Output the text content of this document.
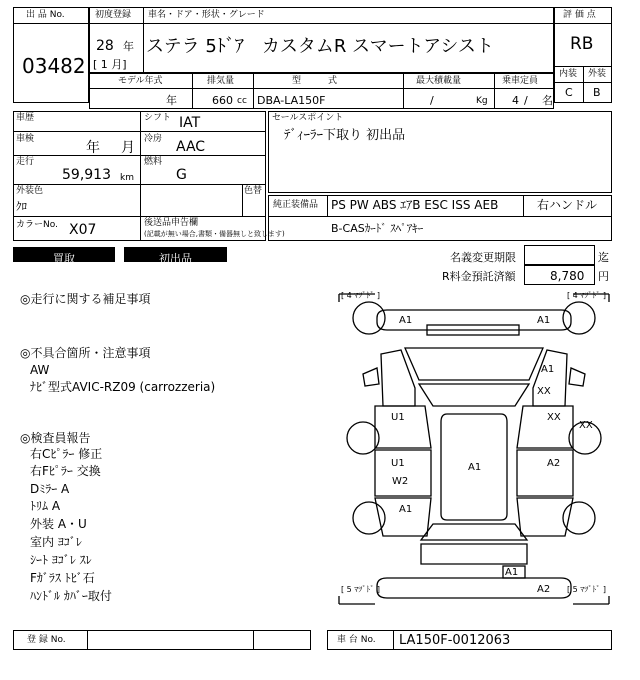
出 品 No.
03482
初度登録 車名・ドア・形状・グレード
28 年
[ 1 月]
ステラ 5ﾄﾞｱ　カスタムR スマートアシスト
評 価 点
RB
内装 外装
C B
モデル年式	排気量	型　　　式	最大積載量	乗車定員
年	660 cc DBA-LA150F	/	Kg 4 / 名
車歴	シフト IAT
車検
年 月
冷房 AAC
走行
59,913 km
燃料
G
外装色
ｸﾛ
色替
カラーNo. X07	後送品申告欄
(記載が無い場合,書類・備器無しと致します)
セールスポイント
ﾃﾞｨｰﾗｰ下取り 初出品
純正装備品 PS PW ABS ｴｱB ESC ISS AEB	右ハンドル
B-CASｶｰﾄﾞ ｽﾍﾟｱｷｰ
買取	初出品	名義変更期限	迄
R料金預託済額	8,780 円
◎走行に関する補足事項
◎不具合箇所・注意事項
AW
ﾅﾋﾞ型式AVIC-RZ09 (carrozzeria)
◎検査員報告
右Cﾋﾟﾗｰ 修正
右Fﾋﾟﾗｰ 交換
Dﾐﾗｰ A
ﾄﾘﾑ A
外装 A・U
室内 ﾖｺﾞﾚ
ｼｰﾄ ﾖｺﾞﾚ ｽﾚ
Fｶﾞﾗｽ ﾄﾋﾞ石
ﾊﾝﾄﾞﾙ ｶﾊﾞｰ取付
[ 4 ﾏﾂﾞﾄﾞ ]	[ 4 ﾏﾂﾞﾄﾞ ]
[ 5 ﾏﾂﾞﾄﾞ ]	[ 5 ﾏﾂﾞﾄﾞ ]
A1	A1
A1
XX
XX
XX
U1
U1
W2
A1	A2
A1
A1
A2
登 録 No.	車 台 No. LA150F-0012063
